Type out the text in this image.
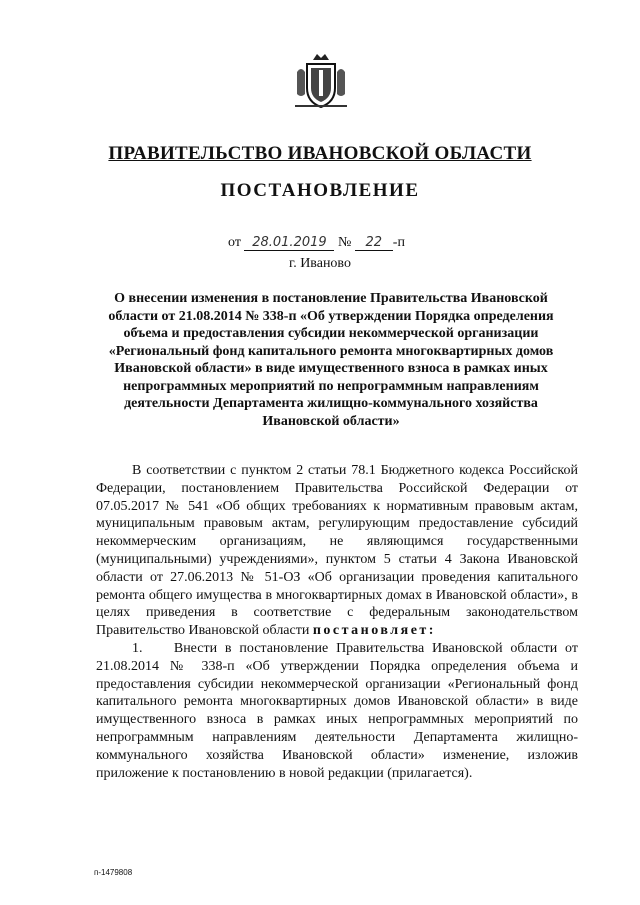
ПРАВИТЕЛЬСТВО ИВАНОВСКОЙ ОБЛАСТИ
ПОСТАНОВЛЕНИЕ
от 28.01.2019 № 22 -п
г. Иваново
О внесении изменения в постановление Правительства Ивановской области от 21.08.2014 № 338-п «Об утверждении Порядка определения объема и предоставления субсидии некоммерческой организации «Региональный фонд капитального ремонта многоквартирных домов Ивановской области» в виде имущественного взноса в рамках иных непрограммных мероприятий по непрограммным направлениям деятельности Департамента жилищно-коммунального хозяйства Ивановской области»

В соответствии с пунктом 2 статьи 78.1 Бюджетного кодекса Российской Федерации, постановлением Правительства Российской Федерации от 07.05.2017 № 541 «Об общих требованиях к нормативным правовым актам, муниципальным правовым актам, регулирующим предоставление субсидий некоммерческим организациям, не являющимся государственными (муниципальными) учреждениями», пунктом 5 статьи 4 Закона Ивановской области от 27.06.2013 № 51-ОЗ «Об организации проведения капитального ремонта общего имущества в многоквартирных домах в Ивановской области», в целях приведения в соответствие с федеральным законодательством Правительство Ивановской области постановляет:

1.    Внести в постановление Правительства Ивановской области от 21.08.2014 № 338-п «Об утверждении Порядка определения объема и предоставления субсидии некоммерческой организации «Региональный фонд капитального ремонта многоквартирных домов Ивановской области» в виде имущественного взноса в рамках иных непрограммных мероприятий по непрограммным направлениям деятельности Департамента жилищно-коммунального хозяйства Ивановской области» изменение, изложив приложение к постановлению в новой редакции (прилагается).

п-1479808
